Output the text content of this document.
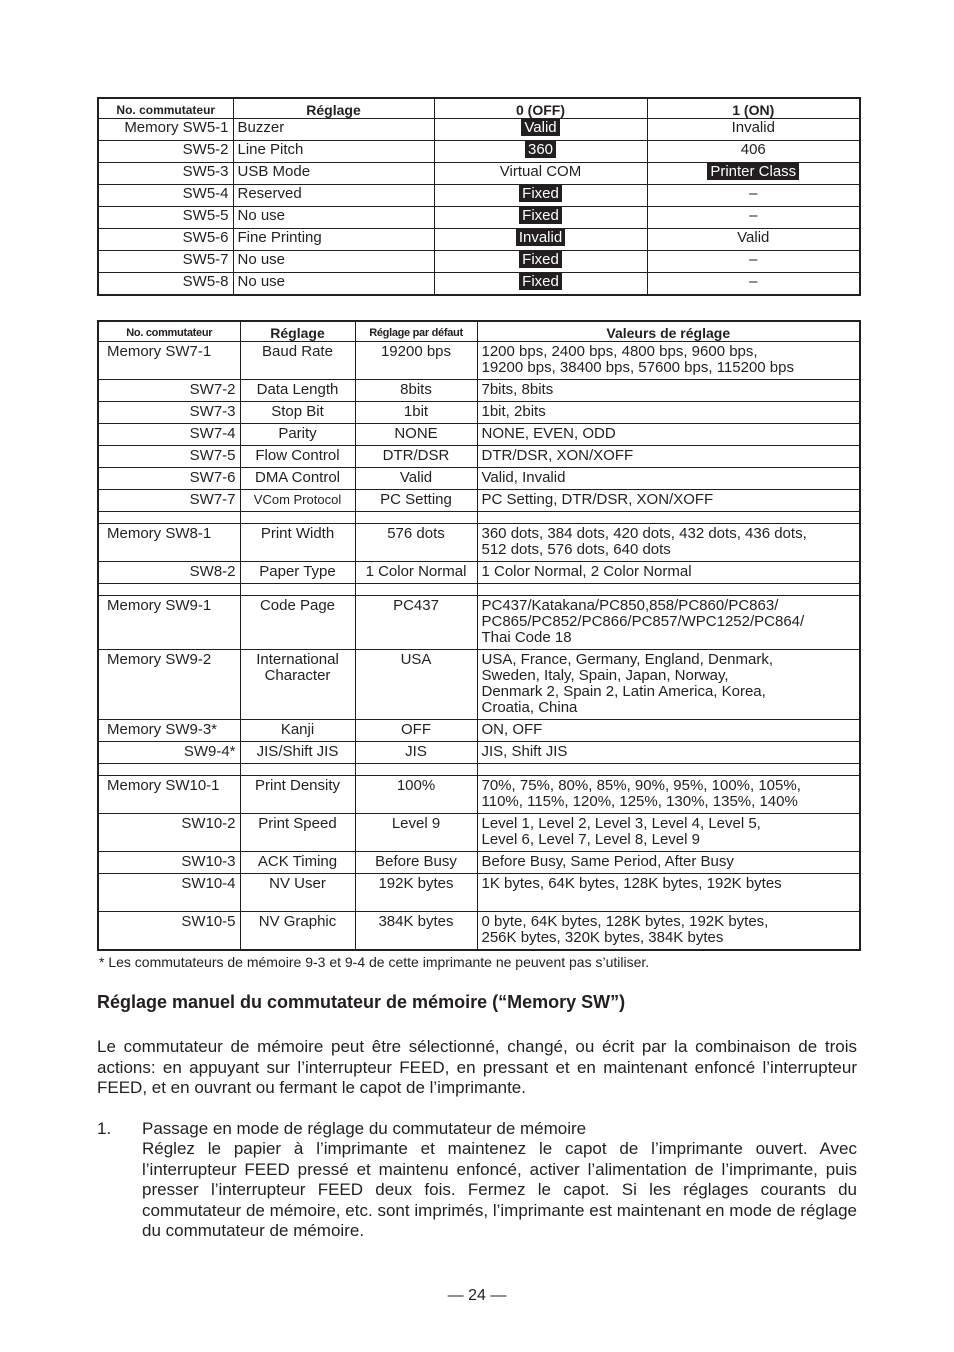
No. commutateur	Réglage	0 (OFF)	1 (ON)
Memory SW5-1	Buzzer	Valid	Invalid
SW5-2	Line Pitch	360	406
SW5-3	USB Mode	Virtual COM	Printer Class
SW5-4	Reserved	Fixed	–
SW5-5	No use	Fixed	–
SW5-6	Fine Printing	Invalid	Valid
SW5-7	No use	Fixed	–
SW5-8	No use	Fixed	–
No. commutateur	Réglage	Réglage par défaut	Valeurs de réglage
Memory SW7-1	Baud Rate	19200 bps	1200 bps, 2400 bps, 4800 bps, 9600 bps,
19200 bps, 38400 bps, 57600 bps, 115200 bps
SW7-2	Data Length	8bits	7bits, 8bits
SW7-3	Stop Bit	1bit	1bit, 2bits
SW7-4	Parity	NONE	NONE, EVEN, ODD
SW7-5	Flow Control	DTR/DSR	DTR/DSR, XON/XOFF
SW7-6	DMA Control	Valid	Valid, Invalid
SW7-7	VCom Protocol	PC Setting	PC Setting, DTR/DSR, XON/XOFF

Memory SW8-1	Print Width	576 dots	360 dots, 384 dots, 420 dots, 432 dots, 436 dots,
512 dots, 576 dots, 640 dots
SW8-2	Paper Type	1 Color Normal	1 Color Normal, 2 Color Normal

Memory SW9-1	Code Page	PC437	PC437/Katakana/PC850,858/PC860/PC863/
PC865/PC852/PC866/PC857/WPC1252/PC864/
Thai Code 18
Memory SW9-2	International
Character	USA	USA, France, Germany, England, Denmark,
Sweden, Italy, Spain, Japan, Norway,
Denmark 2, Spain 2, Latin America, Korea,
Croatia, China
Memory SW9-3*	Kanji	OFF	ON, OFF
SW9-4*	JIS/Shift JIS	JIS	JIS, Shift JIS

Memory SW10-1	Print Density	100%	70%, 75%, 80%, 85%, 90%, 95%, 100%, 105%,
110%, 115%, 120%, 125%, 130%, 135%, 140%
SW10-2	Print Speed	Level 9	Level 1, Level 2, Level 3, Level 4, Level 5,
Level 6, Level 7, Level 8, Level 9
SW10-3	ACK Timing	Before Busy	Before Busy, Same Period, After Busy
SW10-4	NV User	192K bytes	1K bytes, 64K bytes, 128K bytes, 192K bytes
SW10-5	NV Graphic	384K bytes	0 byte, 64K bytes, 128K bytes, 192K bytes,
256K bytes, 320K bytes, 384K bytes
* Les commutateurs de mémoire 9-3 et 9-4 de cette imprimante ne peuvent pas s’utiliser.
Réglage manuel du commutateur de mémoire (“Memory SW”)

Le commutateur de mémoire peut être sélectionné, changé, ou écrit par la combinaison de trois actions: en appuyant sur l’interrupteur FEED, en pressant et en maintenant enfoncé l’interrupteur FEED, et en ouvrant ou fermant le capot de l’imprimante.

1. Passage en mode de réglage du commutateur de mémoire

Réglez le papier à l’imprimante et maintenez le capot de l’imprimante ouvert. Avec l’interrupteur FEED pressé et maintenu enfoncé, activer l’alimentation de l’imprimante, puis presser l’interrupteur FEED deux fois. Fermez le capot. Si les réglages courants du commutateur de mémoire, etc. sont imprimés, l’imprimante est maintenant en mode de réglage du commutateur de mémoire.

— 24 —
